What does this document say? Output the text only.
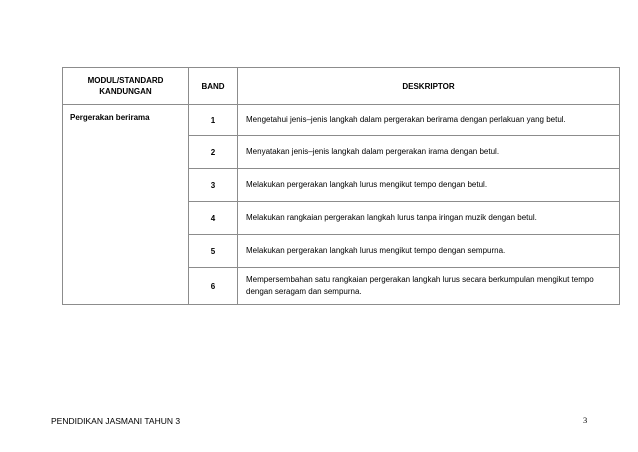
MODUL/STANDARD KANDUNGAN	BAND	DESKRIPTOR
Pergerakan berirama	1	Mengetahui jenis–jenis langkah dalam pergerakan berirama dengan perlakuan yang betul.
	2	Menyatakan jenis–jenis langkah dalam pergerakan irama dengan betul.
	3	Melakukan pergerakan langkah lurus mengikut tempo dengan betul.
	4	Melakukan rangkaian pergerakan langkah lurus tanpa iringan muzik dengan betul.
	5	Melakukan pergerakan langkah lurus mengikut tempo dengan sempurna.
	6	Mempersembahan satu rangkaian pergerakan langkah lurus secara berkumpulan mengikut tempo dengan seragam dan sempurna.
PENDIDIKAN JASMANI TAHUN 3	3
